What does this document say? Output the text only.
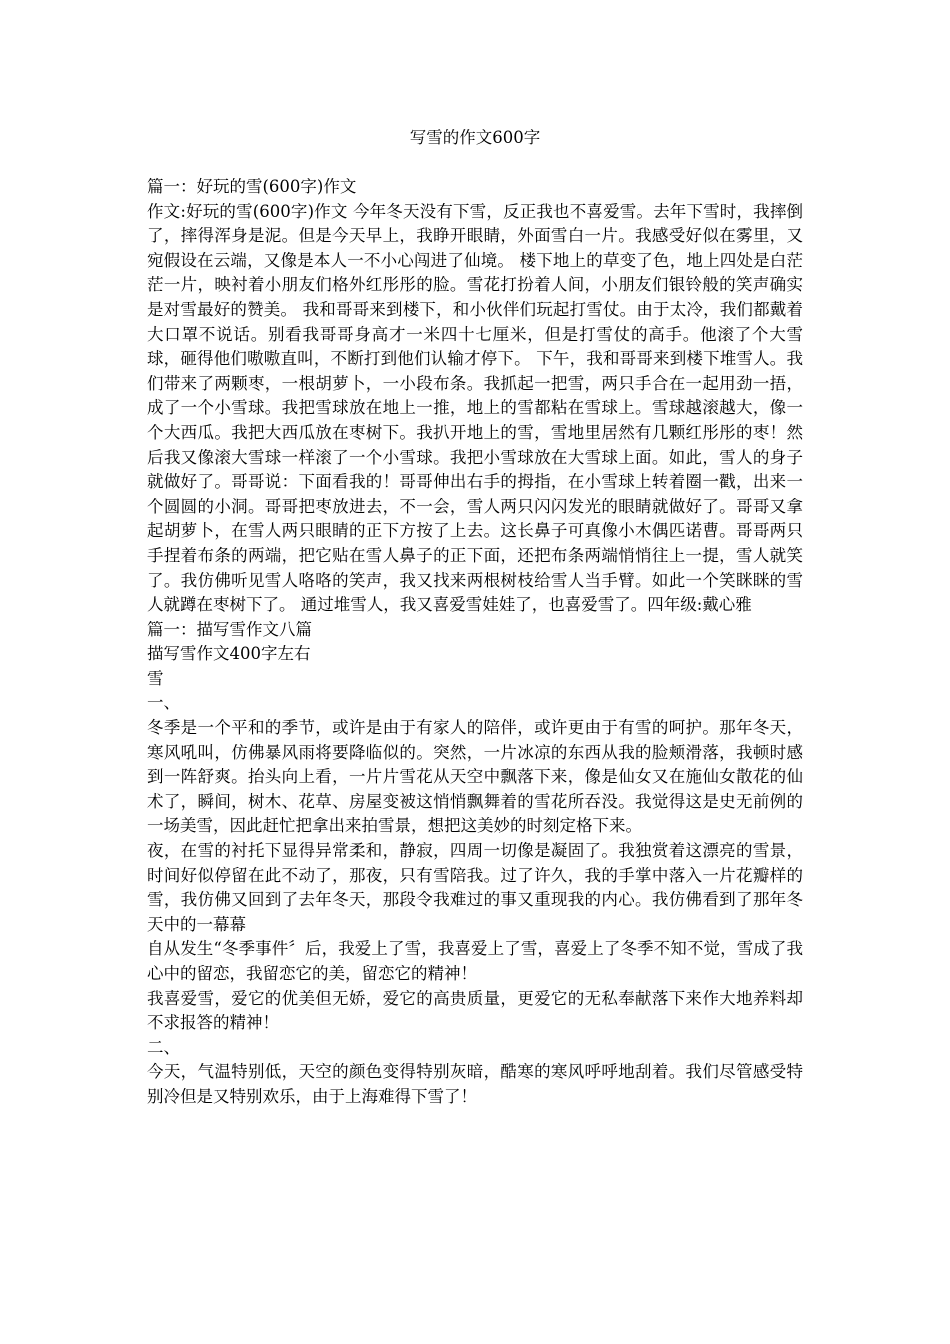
写雪的作文600字

篇一：好玩的雪(600字)作文

作文:好玩的雪(600字)作文 今年冬天没有下雪，反正我也不喜爱雪。去年下雪时，我摔倒了，摔得浑身是泥。但是今天早上，我睁开眼睛，外面雪白一片。我感受好似在雾里，又宛假设在云端，又像是本人一不小心闯进了仙境。 楼下地上的草变了色，地上四处是白茫茫一片，映衬着小朋友们格外红彤彤的脸。雪花打扮着人间，小朋友们银铃般的笑声确实是对雪最好的赞美。 我和哥哥来到楼下，和小伙伴们玩起打雪仗。由于太冷，我们都戴着大口罩不说话。别看我哥哥身高才一米四十七厘米，但是打雪仗的高手。他滚了个大雪球，砸得他们嗷嗷直叫，不断打到他们认输才停下。 下午，我和哥哥来到楼下堆雪人。我们带来了两颗枣，一根胡萝卜，一小段布条。我抓起一把雪，两只手合在一起用劲一捂，成了一个小雪球。我把雪球放在地上一推，地上的雪都粘在雪球上。雪球越滚越大，像一个大西瓜。我把大西瓜放在枣树下。我扒开地上的雪，雪地里居然有几颗红彤彤的枣！然后我又像滚大雪球一样滚了一个小雪球。我把小雪球放在大雪球上面。如此，雪人的身子就做好了。哥哥说：下面看我的！哥哥伸出右手的拇指，在小雪球上转着圈一戳，出来一个圆圆的小洞。哥哥把枣放进去，不一会，雪人两只闪闪发光的眼睛就做好了。哥哥又拿起胡萝卜，在雪人两只眼睛的正下方按了上去。这长鼻子可真像小木偶匹诺曹。哥哥两只手捏着布条的两端，把它贴在雪人鼻子的正下面，还把布条两端悄悄往上一提，雪人就笑了。我仿佛听见雪人咯咯的笑声，我又找来两根树枝给雪人当手臂。如此一个笑眯眯的雪人就蹲在枣树下了。 通过堆雪人，我又喜爱雪娃娃了，也喜爱雪了。四年级:戴心雅

篇一：描写雪作文八篇

描写雪作文400字左右

雪

一、

冬季是一个平和的季节，或许是由于有家人的陪伴，或许更由于有雪的呵护。那年冬天，寒风吼叫，仿佛暴风雨将要降临似的。突然，一片冰凉的东西从我的脸颊滑落，我顿时感到一阵舒爽。抬头向上看，一片片雪花从天空中飘落下来，像是仙女又在施仙女散花的仙术了，瞬间，树木、花草、房屋变被这悄悄飘舞着的雪花所吞没。我觉得这是史无前例的一场美雪，因此赶忙把拿出来拍雪景，想把这美妙的时刻定格下来。

夜，在雪的衬托下显得异常柔和，静寂，四周一切像是凝固了。我独赏着这漂亮的雪景，时间好似停留在此不动了，那夜，只有雪陪我。过了许久，我的手掌中落入一片花瓣样的雪，我仿佛又回到了去年冬天，那段令我难过的事又重现我的内心。我仿佛看到了那年冬天中的一幕幕

自从发生“冬季事件〞后，我爱上了雪，我喜爱上了雪，喜爱上了冬季不知不觉，雪成了我心中的留恋，我留恋它的美，留恋它的精神！

我喜爱雪，爱它的优美但无娇，爱它的高贵质量，更爱它的无私奉献落下来作大地养料却不求报答的精神！

二、

今天，气温特别低，天空的颜色变得特别灰暗，酷寒的寒风呼呼地刮着。我们尽管感受特别冷但是又特别欢乐，由于上海难得下雪了！
